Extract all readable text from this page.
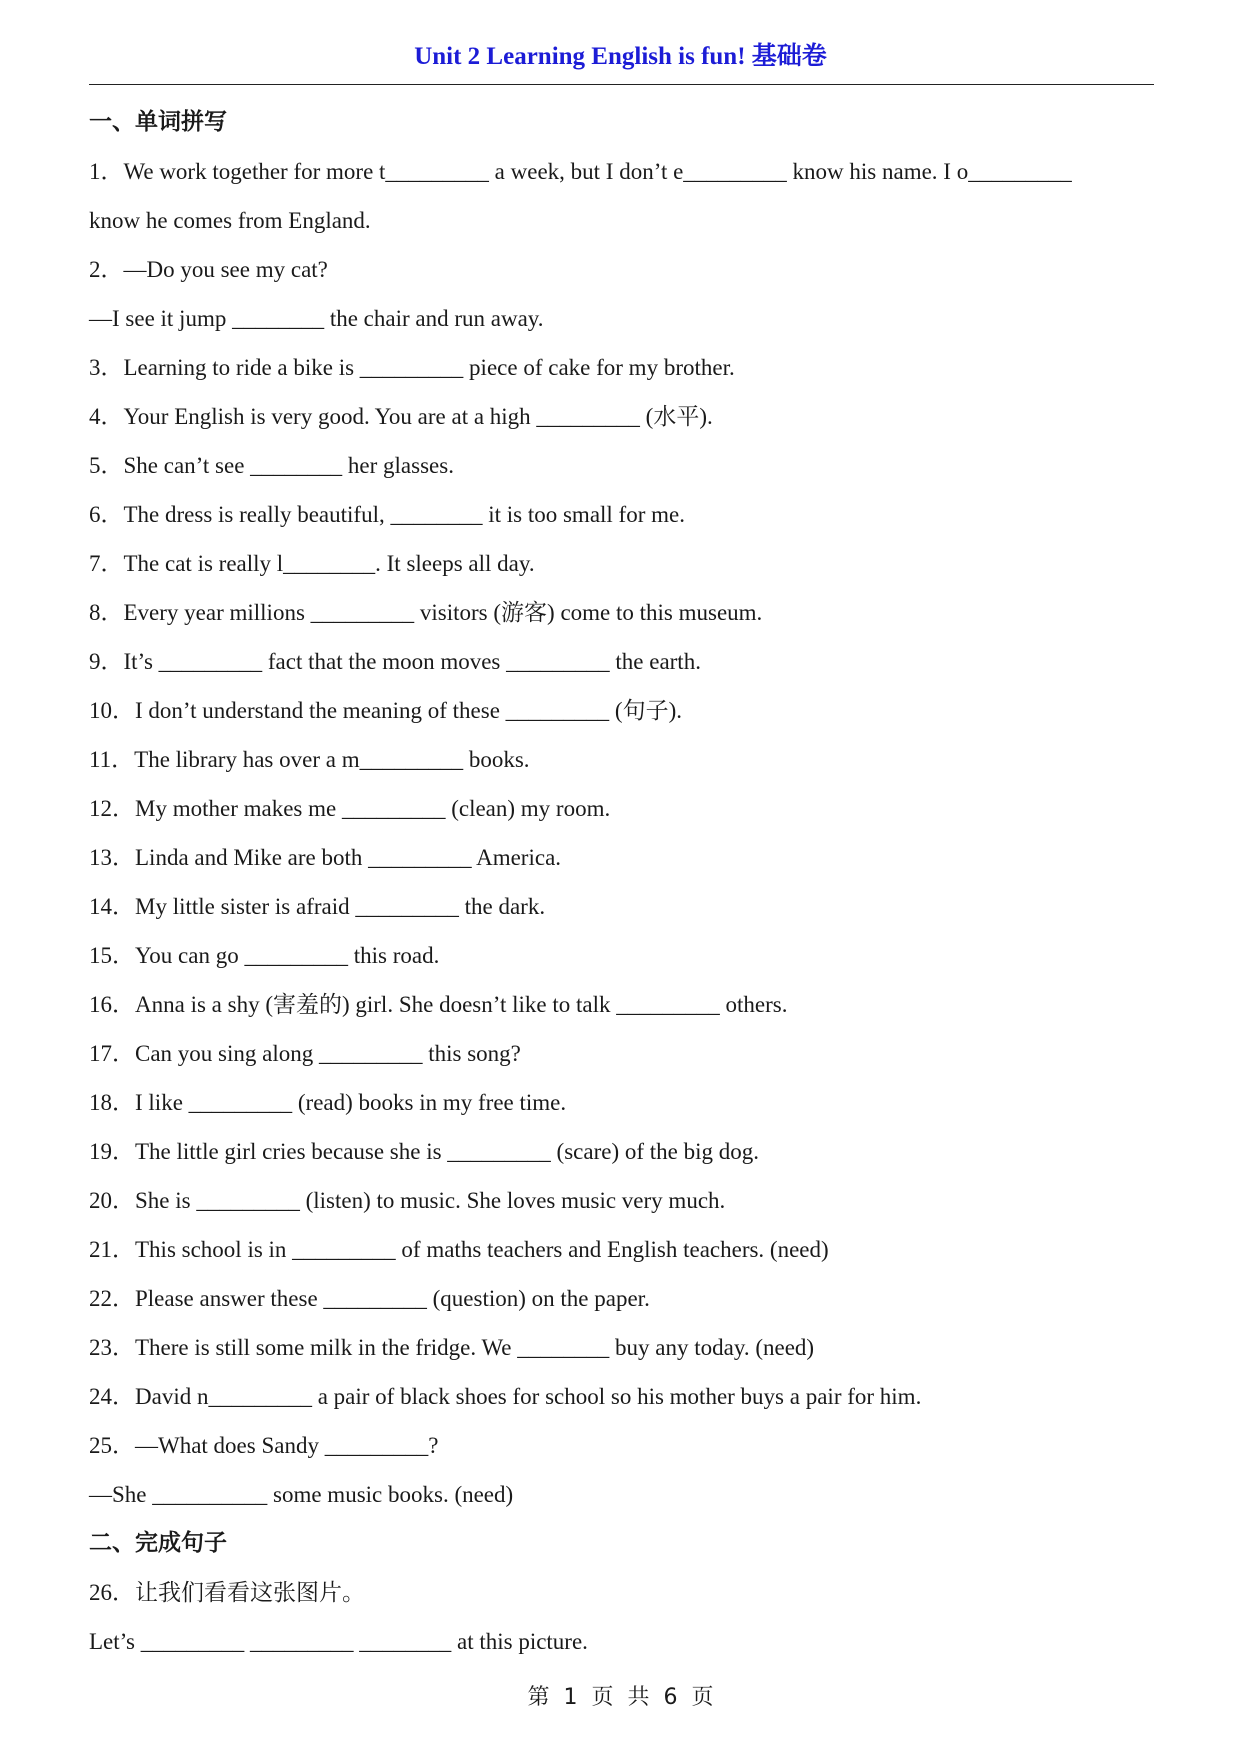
Unit 2 Learning English is fun! 基础卷
一、单词拼写
1．We work together for more t_________ a week, but I don’t e_________ know his name. I o_________
know he comes from England.
2．—Do you see my cat?
—I see it jump ________ the chair and run away.
3．Learning to ride a bike is _________ piece of cake for my brother.
4．Your English is very good. You are at a high _________ (水平).
5．She can’t see ________ her glasses.
6．The dress is really beautiful, ________ it is too small for me.
7．The cat is really l________. It sleeps all day.
8．Every year millions _________ visitors (游客) come to this museum.
9．It’s _________ fact that the moon moves _________ the earth.
10．I don’t understand the meaning of these _________ (句子).
11．The library has over a m_________ books.
12．My mother makes me _________ (clean) my room.
13．Linda and Mike are both _________ America.
14．My little sister is afraid _________ the dark.
15．You can go _________ this road.
16．Anna is a shy (害羞的) girl. She doesn’t like to talk _________ others.
17．Can you sing along _________ this song?
18．I like _________ (read) books in my free time.
19．The little girl cries because she is _________ (scare) of the big dog.
20．She is _________ (listen) to music. She loves music very much.
21．This school is in _________ of maths teachers and English teachers. (need)
22．Please answer these _________ (question) on the paper.
23．There is still some milk in the fridge. We ________ buy any today. (need)
24．David n_________ a pair of black shoes for school so his mother buys a pair for him.
25．—What does Sandy _________?
—She __________ some music books. (need)
二、完成句子
26．让我们看看这张图片。
Let’s _________ _________ ________ at this picture.
第  1  页  共  6  页
